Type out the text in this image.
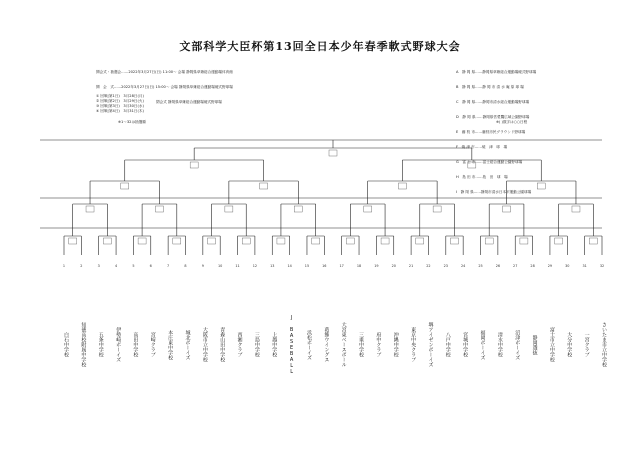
文部科学大臣杯第13回全日本少年春季軟式野球大会

開会式・抽選会……2022年3月27日(日) 11:00〜 会場 静岡県草薙総合運動場体育館

開　会　式……2022年3月27日(日) 15:00〜 会場 静岡県草薙総合運動場硬式野球場

閉会式 静岡県草薙総合運動場硬式野球場

① 回戦(第1日)　3月28日(月)
② 回戦(第2日)　3月29日(火)
③ 回戦(第3日)　3月30日(水)
④ 回戦(第4日)　3月31日(木)

A　静 岡 県……静岡県草薙総合運動場硬式野球場

B　静 岡 県……静 岡 市 清 水 庵 原 球 場

C　静 岡 県……静岡市清水総合運動場野球場

D　静 岡 県……静岡県営愛鷹広域公園野球場

E　藤 枝 市……藤枝市民グラウンド野球場

F　焼 津 市……焼　津　球　場

G　富 士 市……富士総合運動公園野球場

H　島 田 市……島　田　球　場

I　静 岡 県……静岡市清水日本平運動公園球場

※1〜32は抽選順	※( )数字は○○日程
1
白石中学校
2
知徳高校附属中学校
3
五条中学校
4
伊勢崎ボーイズ
5
高田中学校
6
宮崎クラブ
7
本庄東中学校
8
城北ボーイズ
9
大阪市立中学校
10
青森山田中学校
11
西湘クラブ
12
三島中学校
13
上越中学校
14
J BASEBALL
15
浜松ボーイズ
16
葛飾ウイングス
17
大宮東ベースボール
18
三重中学校
19
府中クラブ
20
沖縄中学校
21
東京中央クラブ
22
堺アイゼンボーイズ
23
八戸中学校
24
宮城中学校
25
福岡ボーイズ
26
清水中学校
27
沼津ボーイズ
28
静岡選抜
29
富士市立中学校
30
大分中学校
31
一宮クラブ
32
さいたま市立中学校
